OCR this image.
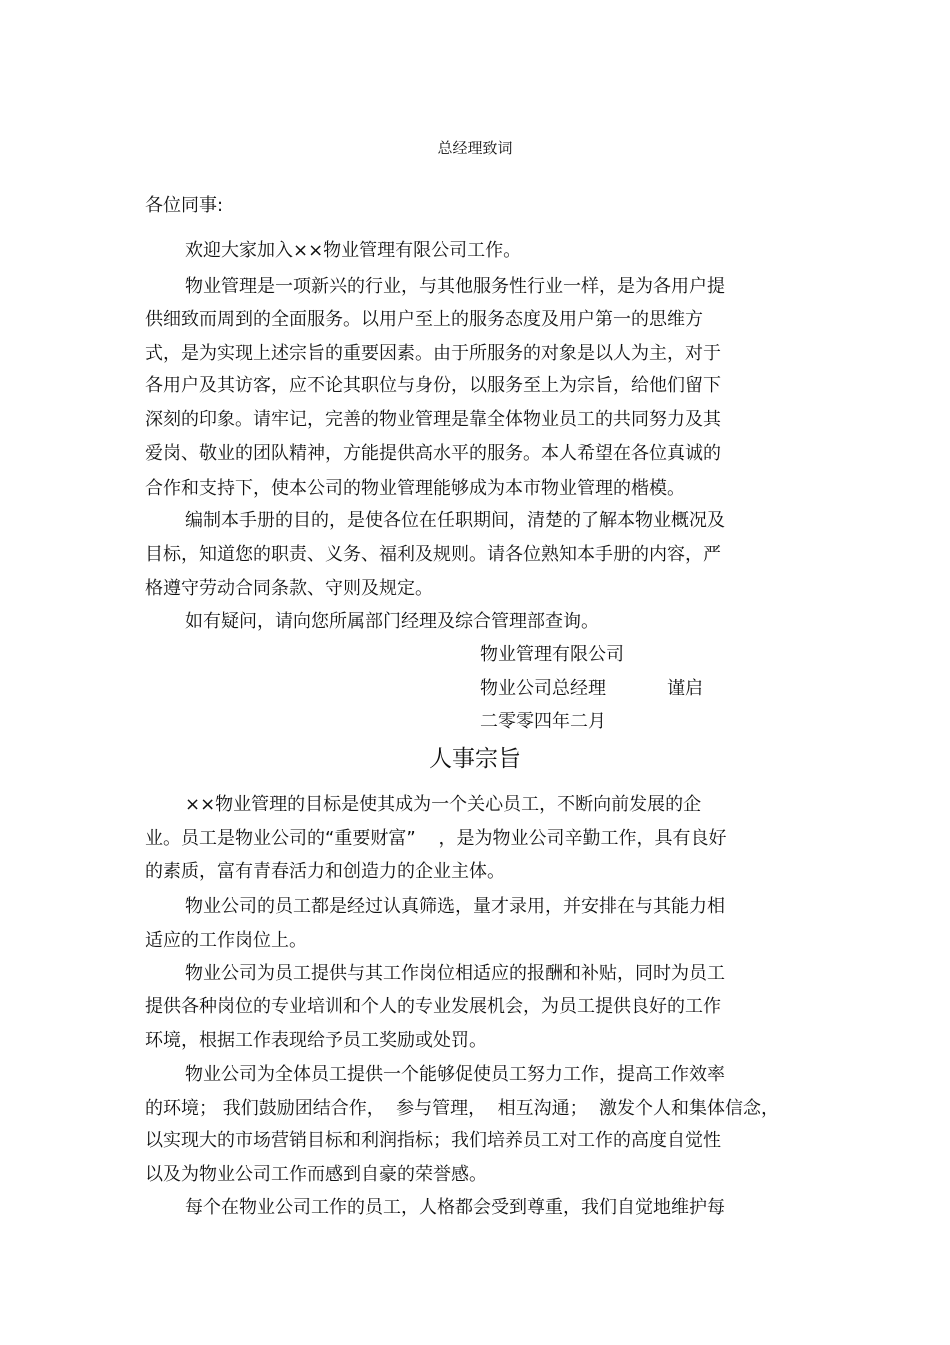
总经理致词
各位同事:
欢迎大家加入××物业管理有限公司工作。
物业管理是一项新兴的行业，与其他服务性行业一样，是为各用户提
供细致而周到的全面服务。以用户至上的服务态度及用户第一的思维方
式，是为实现上述宗旨的重要因素。由于所服务的对象是以人为主，对于
各用户及其访客，应不论其职位与身份，以服务至上为宗旨，给他们留下
深刻的印象。请牢记，完善的物业管理是靠全体物业员工的共同努力及其
爱岗、敬业的团队精神，方能提供高水平的服务。本人希望在各位真诚的
合作和支持下，使本公司的物业管理能够成为本市物业管理的楷模。
编制本手册的目的，是使各位在任职期间，清楚的了解本物业概况及
目标，知道您的职责、义务、福利及规则。请各位熟知本手册的内容，严
格遵守劳动合同条款、守则及规定。
如有疑问，请向您所属部门经理及综合管理部查询。
物业管理有限公司
物业公司总经理	谨启
二零零四年二月
人事宗旨
××物业管理的目标是使其成为一个关心员工，不断向前发展的企
业。员工是物业公司的“重要财富”    ，是为物业公司辛勤工作，具有良好
的素质，富有青春活力和创造力的企业主体。
物业公司的员工都是经过认真筛选，量才录用，并安排在与其能力相
适应的工作岗位上。
物业公司为员工提供与其工作岗位相适应的报酬和补贴，同时为员工
提供各种岗位的专业培训和个人的专业发展机会，为员工提供良好的工作
环境，根据工作表现给予员工奖励或处罚。
物业公司为全体员工提供一个能够促使员工努力工作，提高工作效率
的环境； 我们鼓励团结合作，  参与管理，  相互沟通；  激发个人和集体信念，
以实现大的市场营销目标和利润指标；我们培养员工对工作的高度自觉性
以及为物业公司工作而感到自豪的荣誉感。
每个在物业公司工作的员工，人格都会受到尊重，我们自觉地维护每
